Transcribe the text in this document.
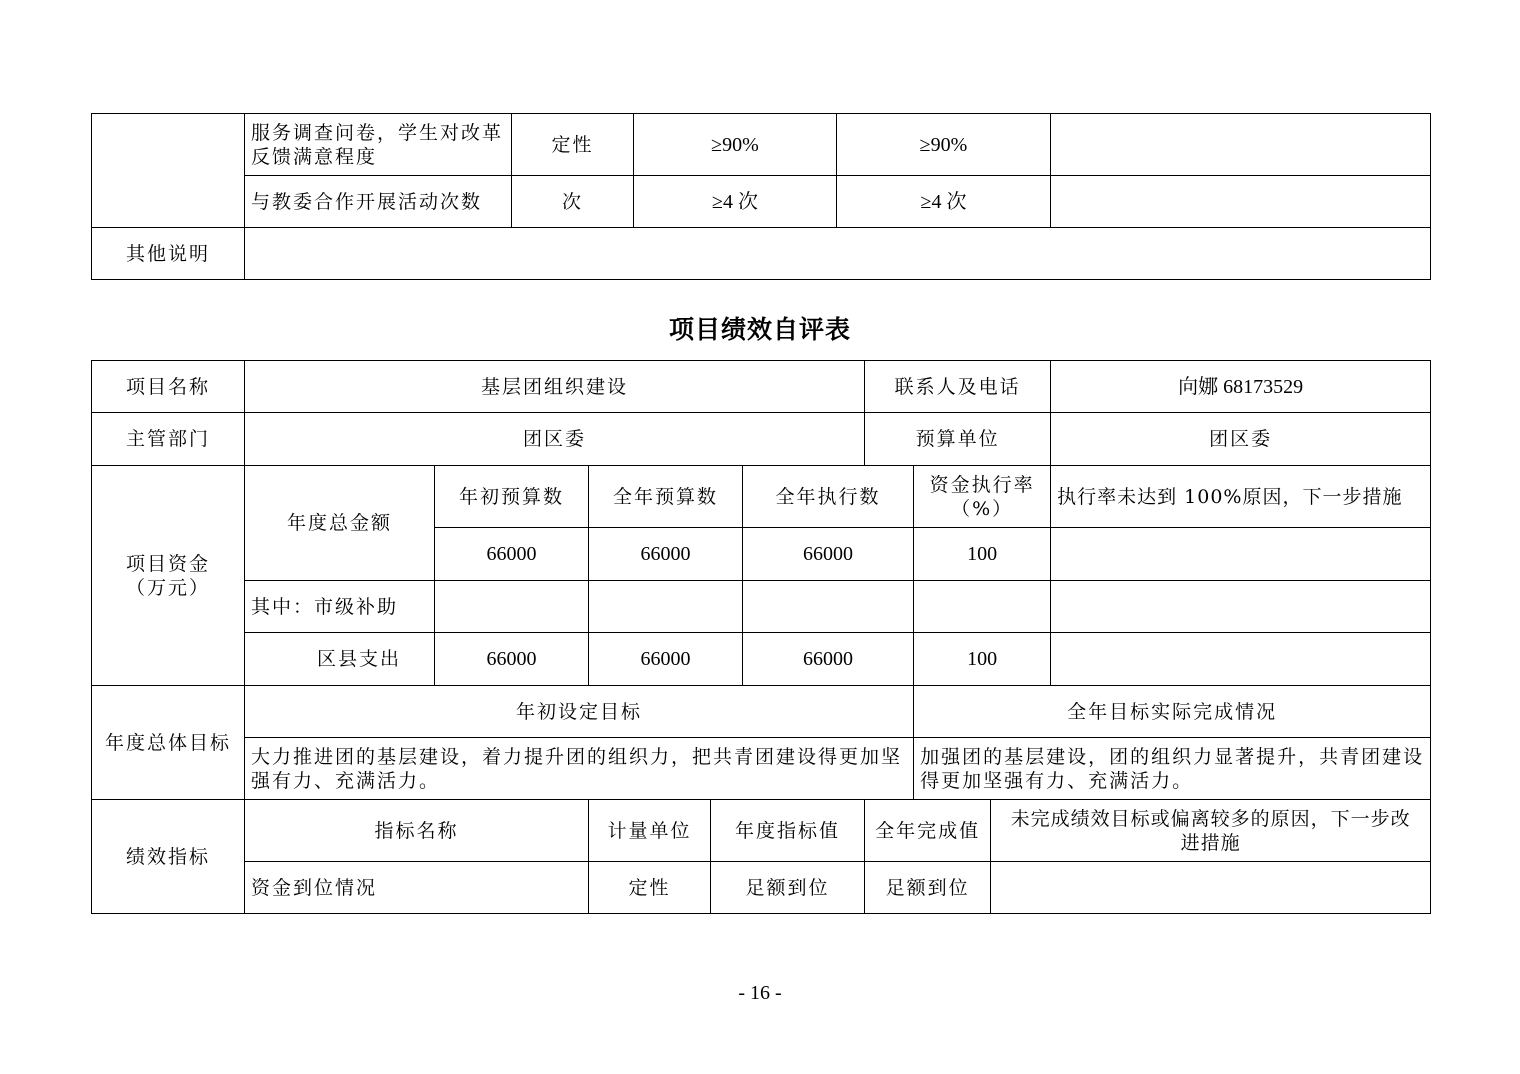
	服务调查问卷，学生对改革反馈满意程度	定性	≥90%	≥90%	
	与教委合作开展活动次数	次	≥4 次	≥4 次	
其他说明					
项目绩效自评表
项目名称	基层团组织建设					联系人及电话			向娜 68173529
主管部门	团区委					预算单位			团区委
项目资金（万元）	年度总金额	年初预算数	全年预算数		全年执行数		资金执行率（%）		执行率未达到 100%原因，下一步措施
		66000	66000		66000		100		
	其中：市级补助								
	区县支出	66000	66000		66000		100		
年度总体目标	年初设定目标						全年目标实际完成情况		
	大力推进团的基层建设，着力提升团的组织力，把共青团建设得更加坚强有力、充满活力。						加强团的基层建设，团的组织力显著提升，共青团建设得更加坚强有力、充满活力。		
绩效指标	指标名称		计量单位	年度指标值		全年完成值		未完成绩效目标或偏离较多的原因，下一步改进措施	
	资金到位情况		定性	足额到位		足额到位			
- 16 -
